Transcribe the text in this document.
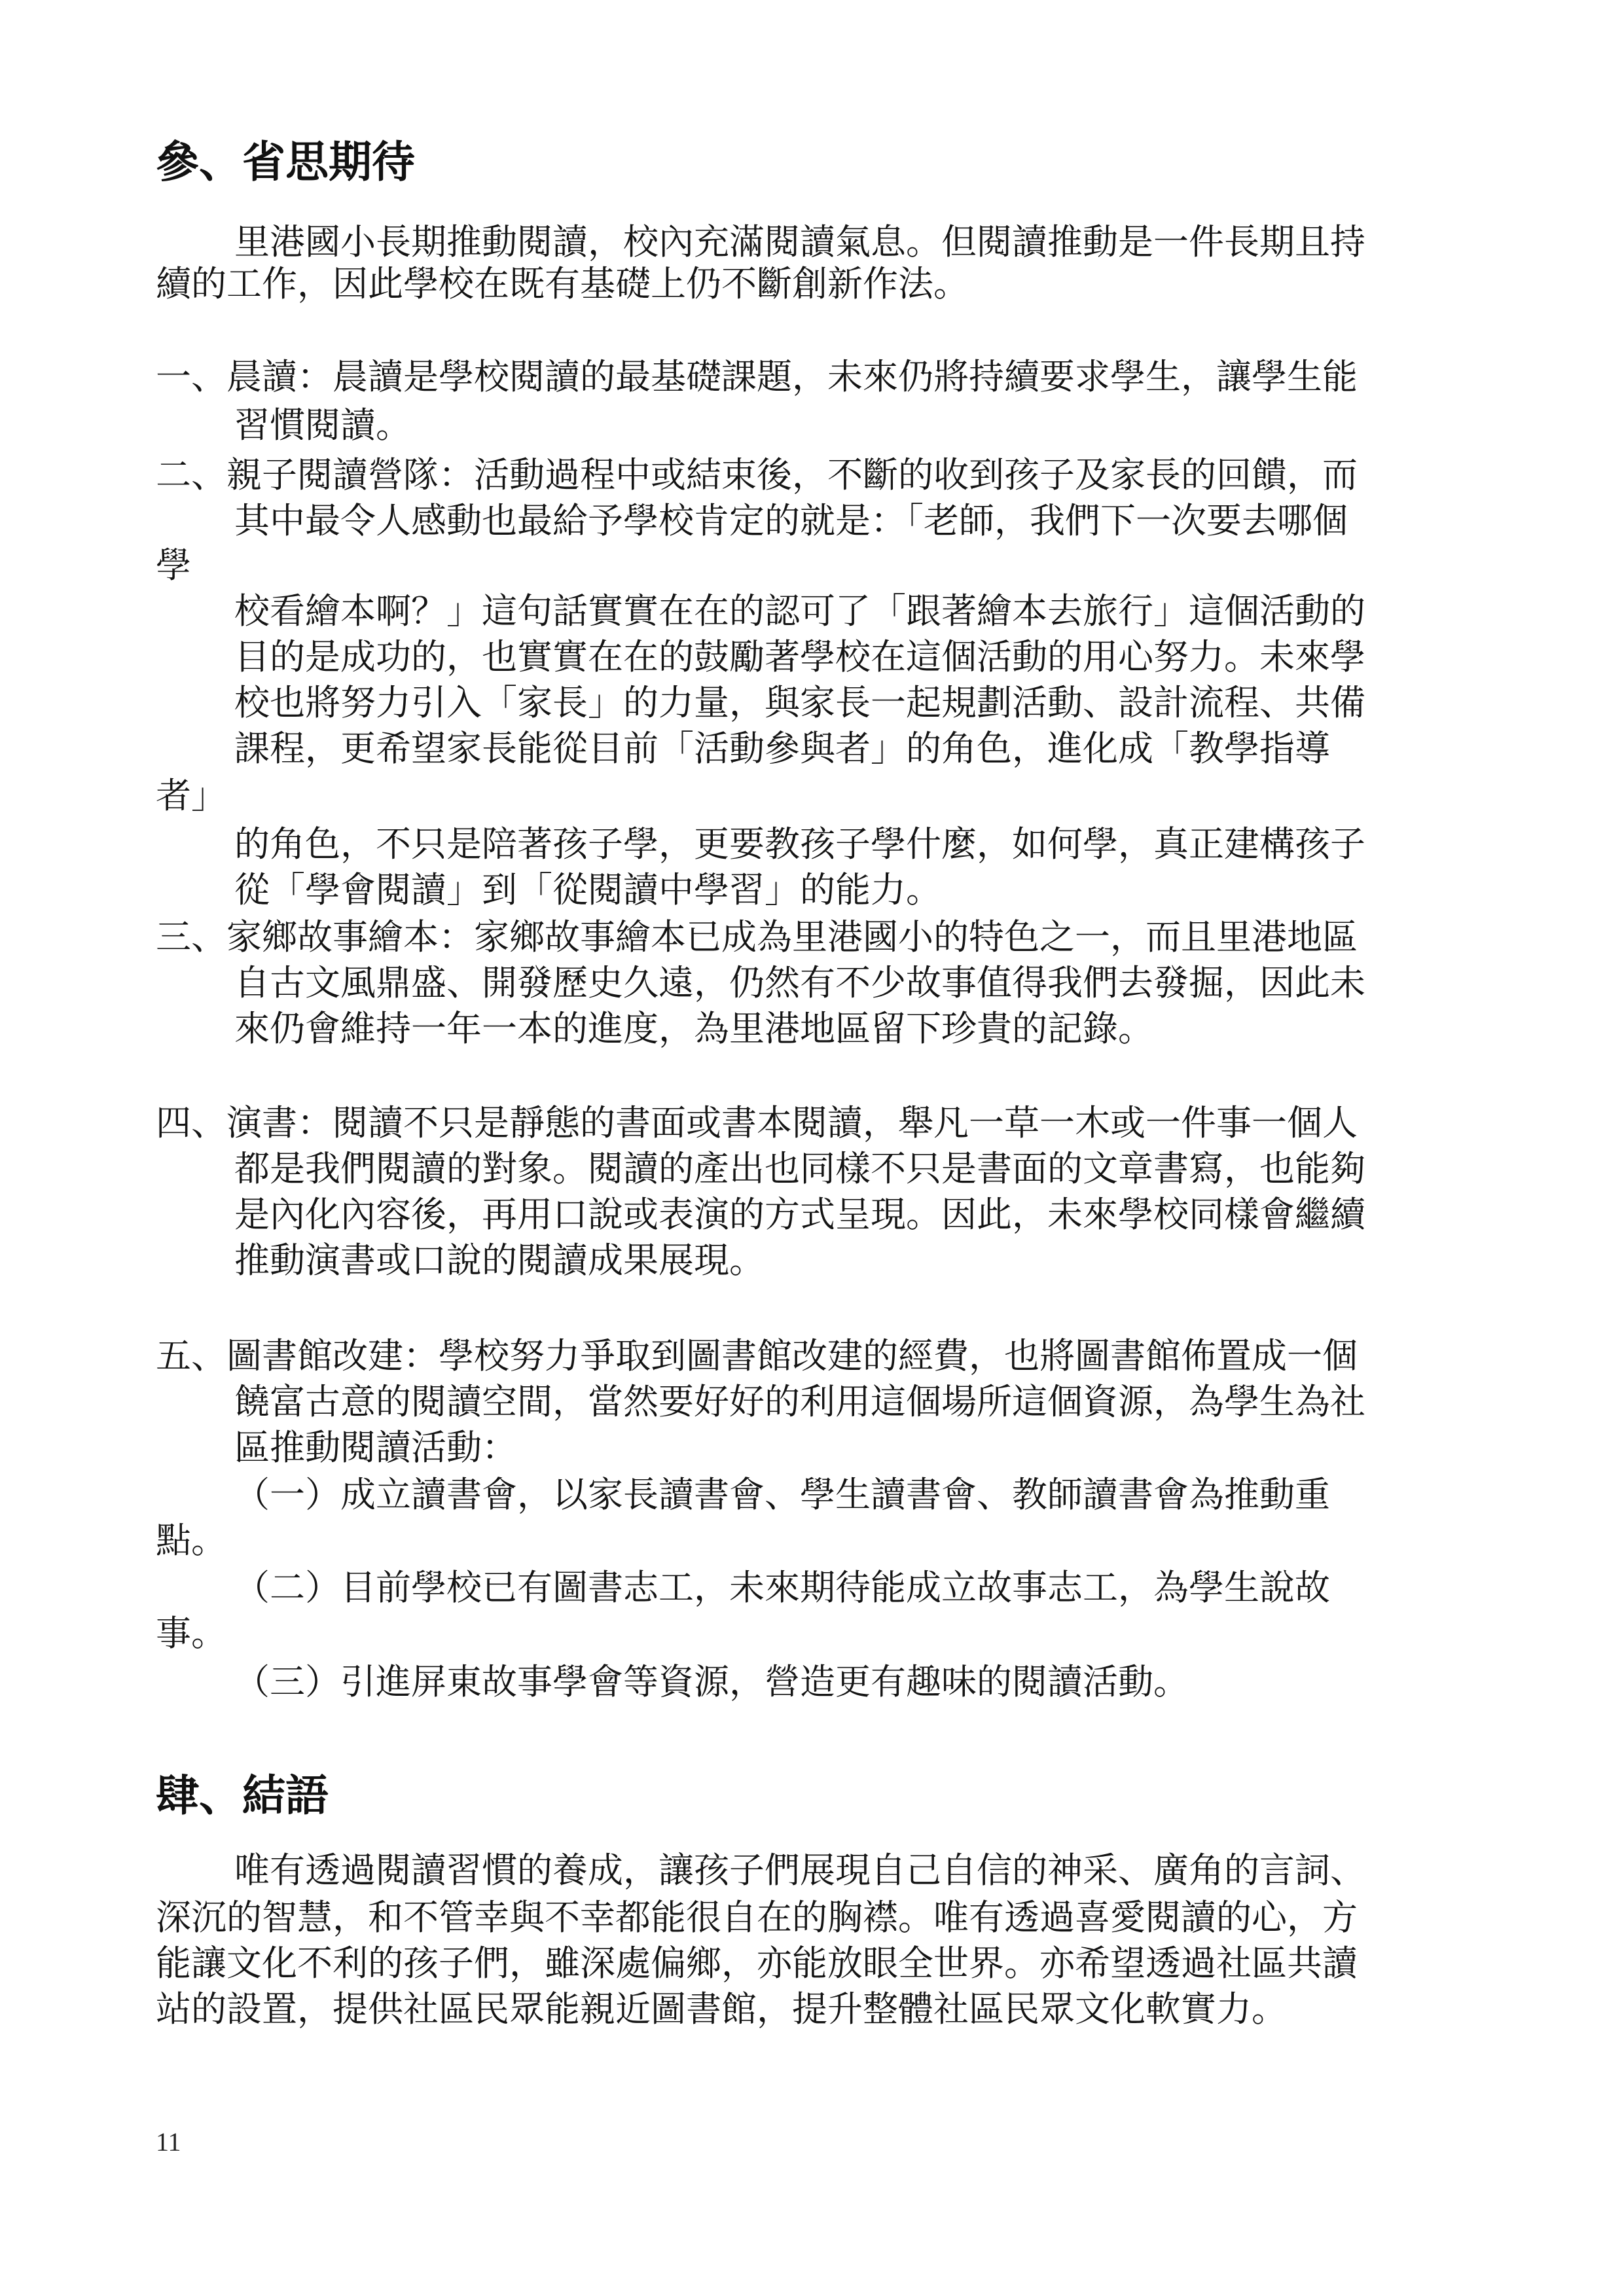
參、省思期待

里港國小長期推動閱讀，校內充滿閱讀氣息。但閱讀推動是一件長期且持

續的工作，因此學校在既有基礎上仍不斷創新作法。

一、晨讀：晨讀是學校閱讀的最基礎課題，未來仍將持續要求學生，讓學生能

習慣閱讀。

二、親子閱讀營隊：活動過程中或結束後，不斷的收到孩子及家長的回饋，而

其中最令人感動也最給予學校肯定的就是：「老師，我們下一次要去哪個

學

校看繪本啊？」這句話實實在在的認可了「跟著繪本去旅行」這個活動的

目的是成功的，也實實在在的鼓勵著學校在這個活動的用心努力。未來學

校也將努力引入「家長」的力量，與家長一起規劃活動、設計流程、共備

課程，更希望家長能從目前「活動參與者」的角色，進化成「教學指導

者」

的角色，不只是陪著孩子學，更要教孩子學什麼，如何學，真正建構孩子

從「學會閱讀」到「從閱讀中學習」的能力。

三、家鄉故事繪本：家鄉故事繪本已成為里港國小的特色之一，而且里港地區

自古文風鼎盛、開發歷史久遠，仍然有不少故事值得我們去發掘，因此未

來仍會維持一年一本的進度，為里港地區留下珍貴的記錄。

四、演書：閱讀不只是靜態的書面或書本閱讀，舉凡一草一木或一件事一個人

都是我們閱讀的對象。閱讀的產出也同樣不只是書面的文章書寫，也能夠

是內化內容後，再用口說或表演的方式呈現。因此，未來學校同樣會繼續

推動演書或口說的閱讀成果展現。

五、圖書館改建：學校努力爭取到圖書館改建的經費，也將圖書館佈置成一個

饒富古意的閱讀空間，當然要好好的利用這個場所這個資源，為學生為社

區推動閱讀活動：

（一）成立讀書會，以家長讀書會、學生讀書會、教師讀書會為推動重

點。

（二）目前學校已有圖書志工，未來期待能成立故事志工，為學生說故

事。

（三）引進屏東故事學會等資源，營造更有趣味的閱讀活動。

肆、結語

唯有透過閱讀習慣的養成，讓孩子們展現自己自信的神采、廣角的言詞、

深沉的智慧，和不管幸與不幸都能很自在的胸襟。唯有透過喜愛閱讀的心，方

能讓文化不利的孩子們，雖深處偏鄉，亦能放眼全世界。亦希望透過社區共讀

站的設置，提供社區民眾能親近圖書館，提升整體社區民眾文化軟實力。

11
